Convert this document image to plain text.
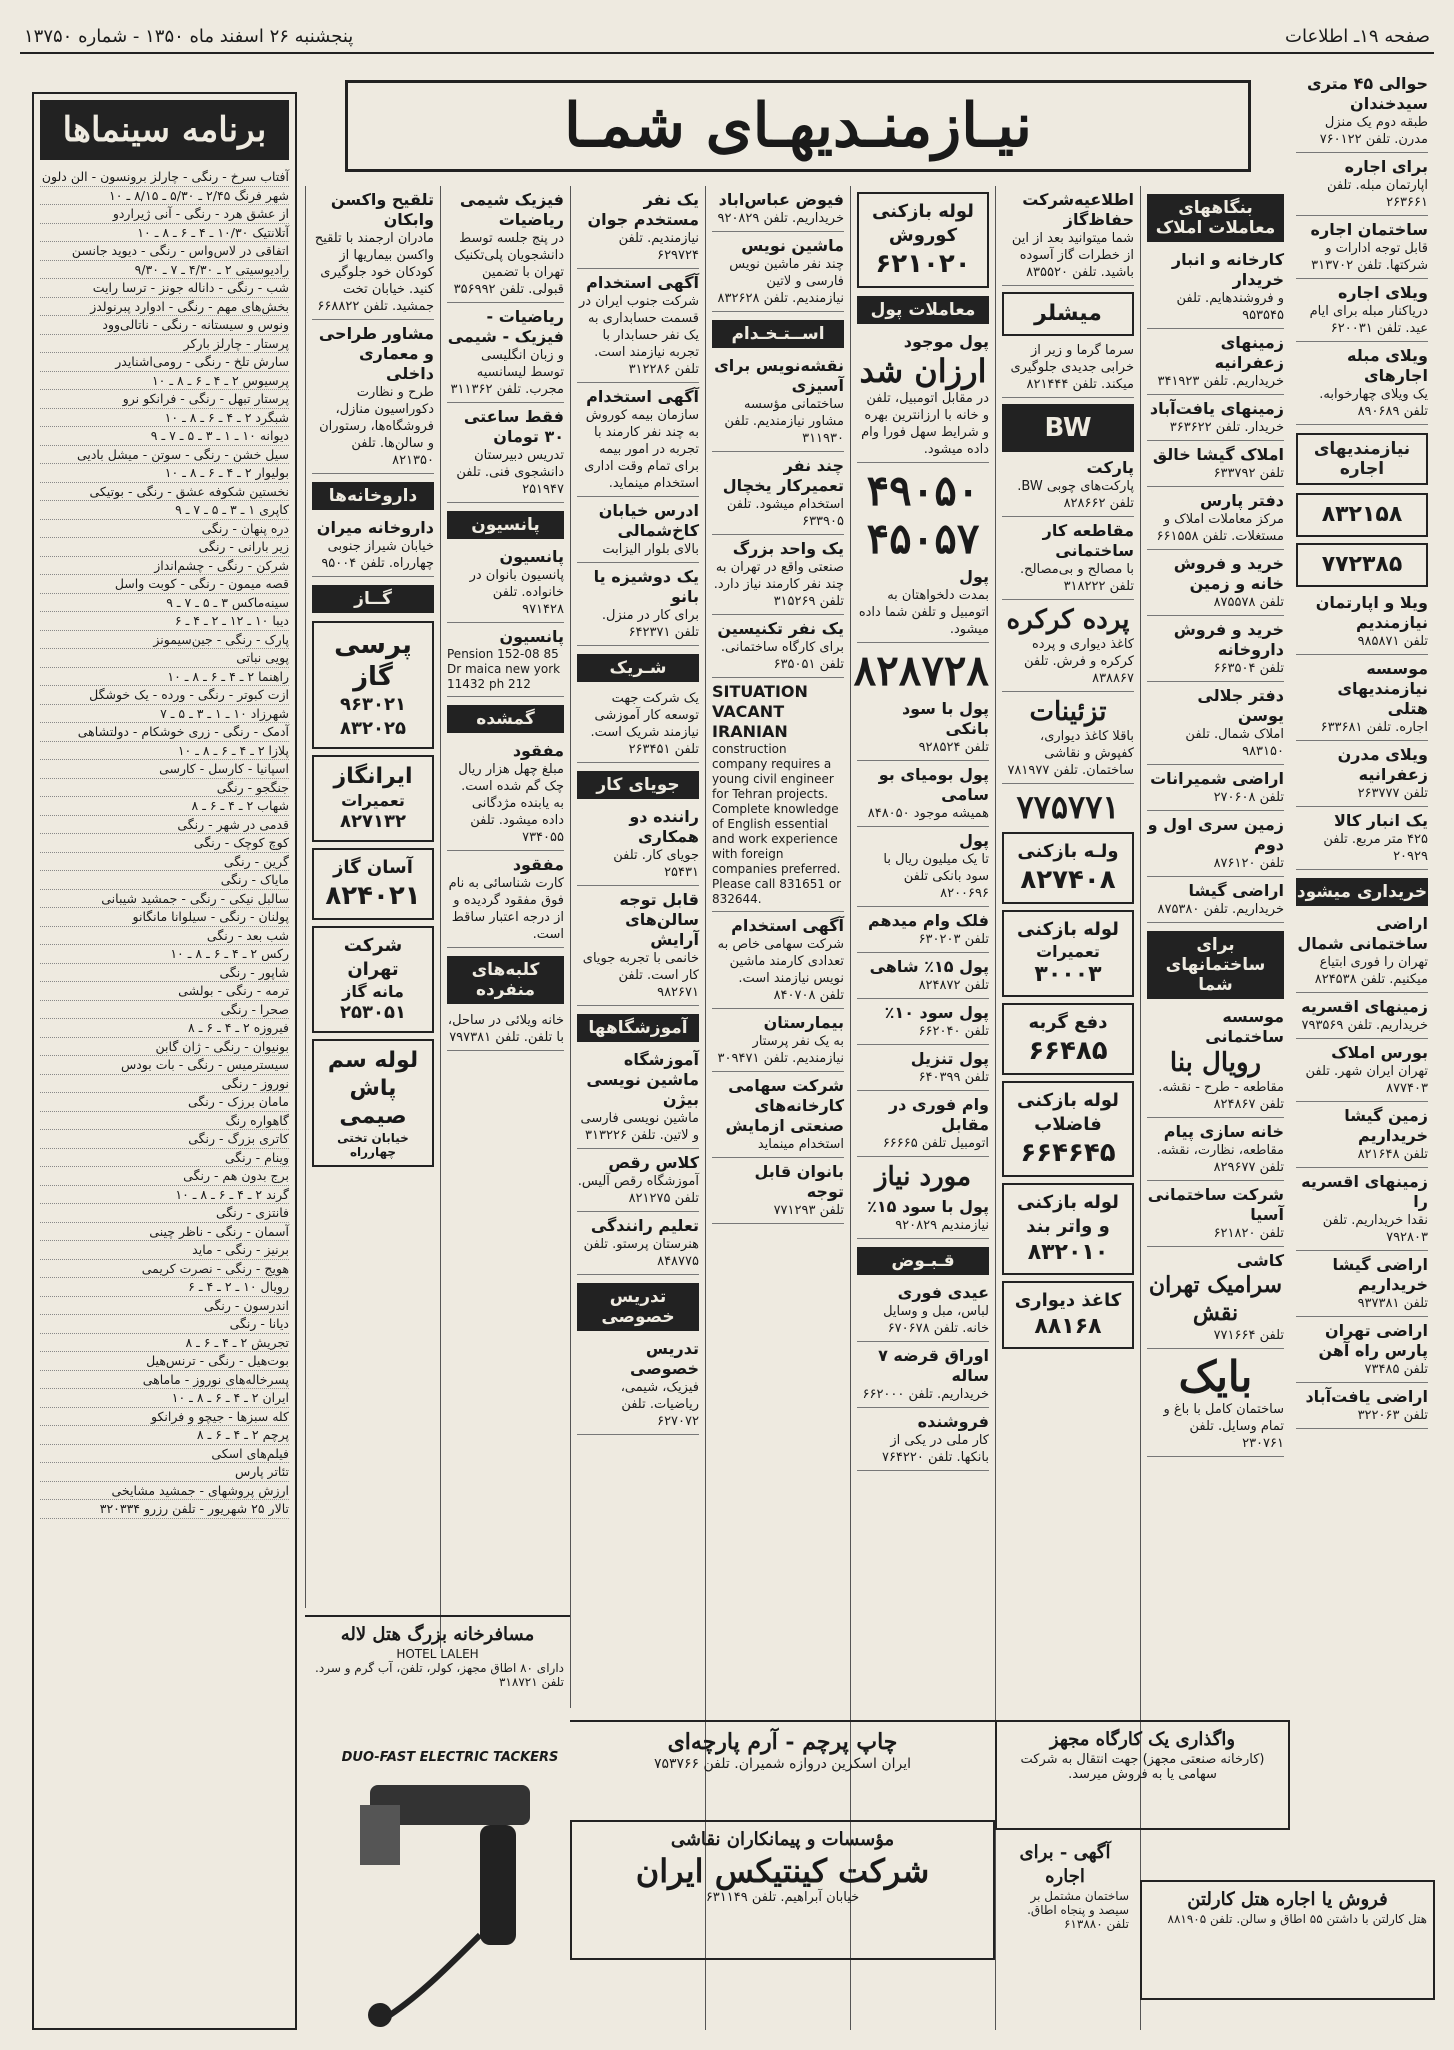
صفحه ۱۹ـ اطلاعات
پنجشنبه ۲۶ اسفند ماه ۱۳۵۰ - شماره ۱۳۷۵۰
نیـازمنـدیهـای شمـا
حوالی ۴۵ متری سیدخندان
طبقه دوم یک منزل مدرن. تلفن ۷۶۰۱۲۲
برای اجاره
اپارتمان مبله. تلفن ۲۶۳۶۶۱
ساختمان اجاره
قابل توجه ادارات و شرکتها. تلفن ۳۱۳۷۰۲
ویلای اجاره
دریاکنار مبله برای ایام عید. تلفن ۶۲۰۰۳۱
ویلای مبله اجارهای
یک ویلای چهارخوابه. تلفن ۸۹۰۶۸۹
نیازمندیهای اجاره
۸۳۲۱۵۸
۷۷۲۳۸۵
ویلا و اپارتمان نیازمندیم
تلفن ۹۸۵۸۷۱
موسسه نیازمندیهای هتلی
اجاره. تلفن ۶۳۳۶۸۱
ویلای مدرن زعفرانیه
تلفن ۲۶۳۷۷۷
یک انبار کالا
۴۲۵ متر مربع. تلفن ۲۰۹۲۹
خریداری میشود
اراضی ساختمانی شمال
تهران را فوری ابتیاع میکنیم. تلفن ۸۲۴۵۳۸
زمینهای اقسریه
خریداریم. تلفن ۷۹۳۵۶۹
بورس املاک
تهران ایران شهر. تلفن ۸۷۷۴۰۳
زمین گیشا خریداریم
تلفن ۸۲۱۶۴۸
زمینهای اقسریه را
نقدا خریداریم. تلفن ۷۹۲۸۰۳
اراضی گیشا خریداریم
تلفن ۹۳۷۳۸۱
اراضی تهران پارس راه آهن
تلفن ۷۳۴۸۵
اراضی یافت‌آباد
تلفن ۳۲۲۰۶۳
بنگاههای معاملات املاک
کارخانه و انبار خریدار
و فروشندهایم. تلفن ۹۵۳۵۴۵
زمینهای زعفرانیه
خریداریم. تلفن ۳۴۱۹۲۳
زمینهای یافت‌آباد
خریدار. تلفن ۳۶۳۶۲۲
املاک گیشا خالق
تلفن ۶۳۳۷۹۲
دفتر پارس
مرکز معاملات املاک و مستغلات. تلفن ۶۶۱۵۵۸
خرید و فروش خانه و زمین
تلفن ۸۷۵۵۷۸
خرید و فروش داروخانه
تلفن ۶۶۳۵۰۴
دفتر جلالی یوسن
املاک شمال. تلفن ۹۸۳۱۵۰
اراضی شمیرانات
تلفن ۲۷۰۶۰۸
زمین سری اول و دوم
تلفن ۸۷۶۱۲۰
اراضی گیشا
خریداریم. تلفن ۸۷۵۳۸۰
برای ساختمانهای شما
موسسه ساختمانی
رویال بنا
مقاطعه - طرح - نقشه. تلفن ۸۲۴۸۶۷
خانه سازی پیام
مقاطعه، نظارت، نقشه. تلفن ۸۲۹۶۷۷
شرکت ساختمانی آسیا
تلفن ۶۲۱۸۲۰
کاشی
سرامیک تهران نقش
تلفن ۷۷۱۶۶۴
بایک
ساختمان کامل با باغ و تمام وسایل. تلفن ۲۳۰۷۶۱
اطلاعیه‌شرکت حفاظ‌گاز
شما میتوانید بعد از این از خطرات گاز آسوده باشید. تلفن ۸۳۵۵۲۰
میشلر
سرما گرما و زیر از خرابی جدیدی جلوگیری میکند. تلفن ۸۲۱۴۴۴
BW
پارکت
پارکت‌های چوبی BW. تلفن ۸۲۸۶۶۲
مقاطعه کار ساختمانی
با مصالح و بی‌مصالح. تلفن ۳۱۸۲۲۲
پرده کرکره
کاغذ دیواری و پرده کرکره و فرش. تلفن ۸۳۸۸۶۷
تزئینات
باقلا کاغذ دیواری، کفپوش و نقاشی ساختمان. تلفن ۷۸۱۹۷۷
۷۷۵۷۷۱
ولـه بازکنی
۸۲۷۴۰۸
لوله بازکنی
تعمیرات
۳۰۰۰۳
دفع گربه
۶۶۴۸۵
لوله بازکنی فاضلاب
۶۶۴۶۴۵
لوله بازکنی و واتر بند
۸۳۲۰۱۰
کاغذ دیواری
۸۸۱۶۸
لوله بازکنی کوروش
۶۲۱۰۲۰
معاملات پول
پول موجود
ارزان شد
در مقابل اتومبیل، تلفن و خانه با ارزانترین بهره و شرایط سهل فورا وام داده میشود.
۴۹۰۵۰
۴۵۰۵۷
پول
بمدت دلخواهتان به اتومبیل و تلفن شما داده میشود.
۸۲۸۷۲۸
پول با سود بانکی
تلفن ۹۲۸۵۲۴
پول بومیای بو سامی
همیشه موجود ۸۴۸۰۵۰
پول
تا یک میلیون ریال با سود بانکی تلفن ۸۲۰۰۶۹۶
فلک وام میدهم
تلفن ۶۳۰۲۰۳
پول ۱۵٪ شاهی
تلفن ۸۲۴۸۷۲
پول سود ۱۰٪
تلفن ۶۶۲۰۴۰
پول تنزیل
تلفن ۶۴۰۳۹۹
وام فوری در مقابل
اتومبیل تلفن ۶۶۶۶۵
مورد نیاز
پول با سود ۱۵٪
نیازمندیم ۹۲۰۸۲۹
قـبـوض
عیدی فوری
لباس، مبل و وسایل خانه. تلفن ۶۷۰۶۷۸
اوراق قرضه ۷ ساله
خریداریم. تلفن ۶۶۲۰۰۰
فروشنده
کار ملی در یکی از بانکها. تلفن ۷۶۴۲۲۰
فیوض عباس‌اباد
خریداریم. تلفن ۹۲۰۸۲۹
ماشین نویس
چند نفر ماشین نویس فارسی و لاتین نیازمندیم. تلفن ۸۳۲۶۲۸
اســتـخـدام
نقشه‌نویس برای آسیزی
ساختمانی مؤسسه مشاور نیازمندیم. تلفن ۳۱۱۹۳۰
چند نفر تعمیرکار یخچال
استخدام میشود. تلفن ۶۳۳۹۰۵
یک واحد بزرگ
صنعتی واقع در تهران به چند نفر کارمند نیاز دارد. تلفن ۳۱۵۲۶۹
یک نفر تکنیسین
برای کارگاه ساختمانی. تلفن ۶۳۵۰۵۱
SITUATION VACANT IRANIAN
construction company requires a young civil engineer for Tehran projects. Complete knowledge of English essential and work experience with foreign companies preferred. Please call 831651 or 832644.
آگهی استخدام
شرکت سهامی خاص به تعدادی کارمند ماشین نویس نیازمند است. تلفن ۸۴۰۷۰۸
بیمارستان
به یک نفر پرستار نیازمندیم. تلفن ۳۰۹۴۷۱
شرکت سهامی کارخانه‌های صنعتی ازمایش
استخدام مینماید
بانوان قابل توجه
تلفن ۷۷۱۲۹۳
چاپ پرچم - آرم پارچه‌ای
ایران اسکرین دروازه شمیران. تلفن ۷۵۳۷۶۶
مؤسسات و پیمانکاران نقاشی
شرکت کینتیکس ایران
خیابان آبراهیم. تلفن ۶۳۱۱۴۹
واگذاری یک کارگاه مجهز
(کارخانه صنعتی مجهز) جهت انتقال به شرکت سهامی یا به فروش میرسد.
آگهی - برای اجاره
ساختمان مشتمل بر سیصد و پنجاه اطاق. تلفن ۶۱۳۸۸۰
فروش یا اجاره هتل کارلتن
هتل کارلتن با داشتن ۵۵ اطاق و سالن. تلفن ۸۸۱۹۰۵
یک نفر مستخدم جوان
نیازمندیم. تلفن ۶۲۹۷۲۴
آگهی استخدام
شرکت جنوب ایران در قسمت حسابداری به یک نفر حسابدار با تجربه نیازمند است. تلفن ۳۱۲۲۸۶
آگهی استخدام
سازمان بیمه کوروش به چند نفر کارمند با تجربه در امور بیمه برای تمام وقت اداری استخدام مینماید.
ادرس خیابان کاخ‌شمالی
بالای بلوار الیزابت
یک دوشیزه یا بانو
برای کار در منزل. تلفن ۶۴۲۳۷۱
شـریک
یک شرکت جهت توسعه کار آموزشی نیازمند شریک است. تلفن ۲۶۳۴۵۱
جویای کار
راننده دو همکاری
جویای کار. تلفن ۲۵۴۳۱
قابل توجه سالن‌های آرایش
خانمی با تجربه جویای کار است. تلفن ۹۸۲۶۷۱
آموزشگاهها
آموزشگاه ماشین نویسی بیژن
ماشین نویسی فارسی و لاتین. تلفن ۳۱۳۲۲۶
کلاس رقص
آموزشگاه رقص آلیس. تلفن ۸۲۱۲۷۵
تعلیم رانندگی
هنرستان پرستو. تلفن ۸۴۸۷۷۵
تدریس خصوصی
تدریس خصوصی
فیزیک، شیمی، ریاضیات. تلفن ۶۲۷۰۷۲
فیزیک شیمی ریاضیات
در پنج جلسه توسط دانشجویان پلی‌تکنیک تهران با تضمین قبولی. تلفن ۳۵۶۹۹۲
ریاضیات - فیزیک - شیمی
و زبان انگلیسی توسط لیسانسیه مجرب. تلفن ۳۱۱۳۶۲
فقط ساعتی ۳۰ تومان
تدریس دبیرستان دانشجوی فنی. تلفن ۲۵۱۹۴۷
پانسیون
پانسیون
پانسیون بانوان در خانواده. تلفن ۹۷۱۴۲۸
پانسیون
Pension 152-08 85 Dr maica new york 11432 ph 212
گمشده
مفقود
مبلغ چهل هزار ریال چک گم شده است. به یابنده مژدگانی داده میشود. تلفن ۷۳۴۰۵۵
مفقود
کارت شناسائی به نام فوق مفقود گردیده و از درجه اعتبار ساقط است.
کلبه‌های منفرده
خانه ویلائی در ساحل، با تلفن. تلفن ۷۹۷۳۸۱
تلقیح واکسن وابکان
مادران ارجمند با تلقیح واکسن بیماریها از کودکان خود جلوگیری کنید. خیابان تخت جمشید. تلفن ۶۶۸۸۲۲
مشاور طراحی و معماری داخلی
طرح و نظارت دکوراسیون منازل، فروشگاه‌ها، رستوران و سالن‌ها. تلفن ۸۲۱۳۵۰
داروخانه‌ها
داروخانه میران
خیابان شیراز جنوبی چهارراه. تلفن ۹۵۰۰۴
گــاز
پرسی گاز
۹۶۳۰۲۱
۸۳۲۰۲۵
ایرانگاز
تعمیرات
۸۲۷۱۳۲
آسان گاز
۸۲۴۰۲۱
شرکت تهران
مانه گاز
۲۵۳۰۵۱
لوله سم پاش صیمی
خیابان تختی چهارراه
مسافرخانه بزرگ هتل لاله
HOTEL LALEH
دارای ۸۰ اطاق مجهز، کولر، تلفن، آب گرم و سرد. تلفن ۳۱۸۷۲۱
DUO-FAST ELECTRIC TACKERS
برنامه سینماها
آفتاب سرخ - رنگی - چارلز برونسون - الن دلون
شهر فرنگ ۲/۴۵ ـ ۵/۳۰ ـ ۸/۱۵ ـ ۱۰
از عشق هرد - رنگی - آنی ژیراردو
آتلانتیک ۱۰/۳۰ ـ ۴ ـ ۶ ـ ۸ ـ ۱۰
اتفاقی در لاس‌واس - رنگی - دیوید جانسن
رادیوسیتی ۲ ـ ۴/۳۰ ـ ۷ ـ ۹/۳۰
شب - رنگی - داناله جونز - ترسا رایت
بخش‌های مهم - رنگی - ادوارد پبرنولدز
ونوس و سیستانه - رنگی - ناتالی‌وود
پرستار - چارلز بارکر
سارش تلخ - رنگی - رومی‌اشنایدر
پرسیوس ۲ ـ ۴ ـ ۶ ـ ۸ ـ ۱۰
پرستار تبهل - رنگی - فرانکو نرو
شبگرد ۲ ـ ۴ ـ ۶ ـ ۸ ـ ۱۰
دیوانه ۱۰ ـ ۱ ـ ۳ ـ ۵ ـ ۷ ـ ۹
سیل خشن - رنگی - سوتن - میشل بادیی
بولیوار ۲ ـ ۴ ـ ۶ ـ ۸ ـ ۱۰
نخستین شکوفه عشق - رنگی - بوتیکی
کاپری ۱ ـ ۳ ـ ۵ ـ ۷ ـ ۹
دره پنهان - رنگی
زیر بارانی - رنگی
شرکن - رنگی - چشم‌انداز
قصه میمون - رنگی - کوبت واسل
سینه‌ماکس ۳ ـ ۵ ـ ۷ ـ ۹
دیبا ۱۰ ـ ۱۲ ـ ۲ ـ ۴ ـ ۶
پارک - رنگی - جین‌سیمونز
پویی نباتی
راهنما ۲ ـ ۴ ـ ۶ ـ ۸ ـ ۱۰
ازت کبوتر - رنگی - ورده - یک خوشگل
شهرزاد ۱۰ ـ ۱ ـ ۳ ـ ۵ ـ ۷
آدمک - رنگی - زری خوشکام - دولتشاهی
پلازا ۲ ـ ۴ ـ ۶ ـ ۸ ـ ۱۰
اسپانیا - کارسل - کارسی
جنگجو - رنگی
شهاب ۲ ـ ۴ ـ ۶ ـ ۸
قدمی در شهر - رنگی
کوچ کوچک - رنگی
گرین - رنگی
مایاک - رنگی
سالبل نیکی - رنگی - جمشید شیبانی
پولنان - رنگی - سیلوانا مانگانو
شب بعد - رنگی
رکس ۲ ـ ۴ ـ ۶ ـ ۸ ـ ۱۰
شاپور - رنگی
ترمه - رنگی - بولشی
صحرا - رنگی
فیروزه ۲ ـ ۴ ـ ۶ ـ ۸
بونیوان - رنگی - ژان گابن
سیسترمیس - رنگی - بات بودس
نوروز - رنگی
مامان برزک - رنگی
گاهواره رنگ
کاتری بزرگ - رنگی
وینام - رنگی
برج بدون هم - رنگی
گرند ۲ ـ ۴ ـ ۶ ـ ۸ ـ ۱۰
فانتزی - رنگی
آسمان - رنگی - ناظر چینی
برنیز - رنگی - ماید
هویج - رنگی - نصرت کریمی
رویال ۱۰ ـ ۲ ـ ۴ ـ ۶
اندرسون - رنگی
دیانا - رنگی
تجریش ۲ ـ ۴ ـ ۶ ـ ۸
بوت‌هیل - رنگی - ترنس‌هیل
پسرخاله‌های نوروز - ماماهی
ایران ۲ ـ ۴ ـ ۶ ـ ۸ ـ ۱۰
کله سبزها - جیچو و فرانکو
پرچم ۲ ـ ۴ ـ ۶ ـ ۸
فیلم‌های اسکی
تئاتر پارس
ارزش پروشهای - جمشید مشایخی
تالار ۲۵ شهریور - تلفن رزرو ۳۲۰۳۳۴
